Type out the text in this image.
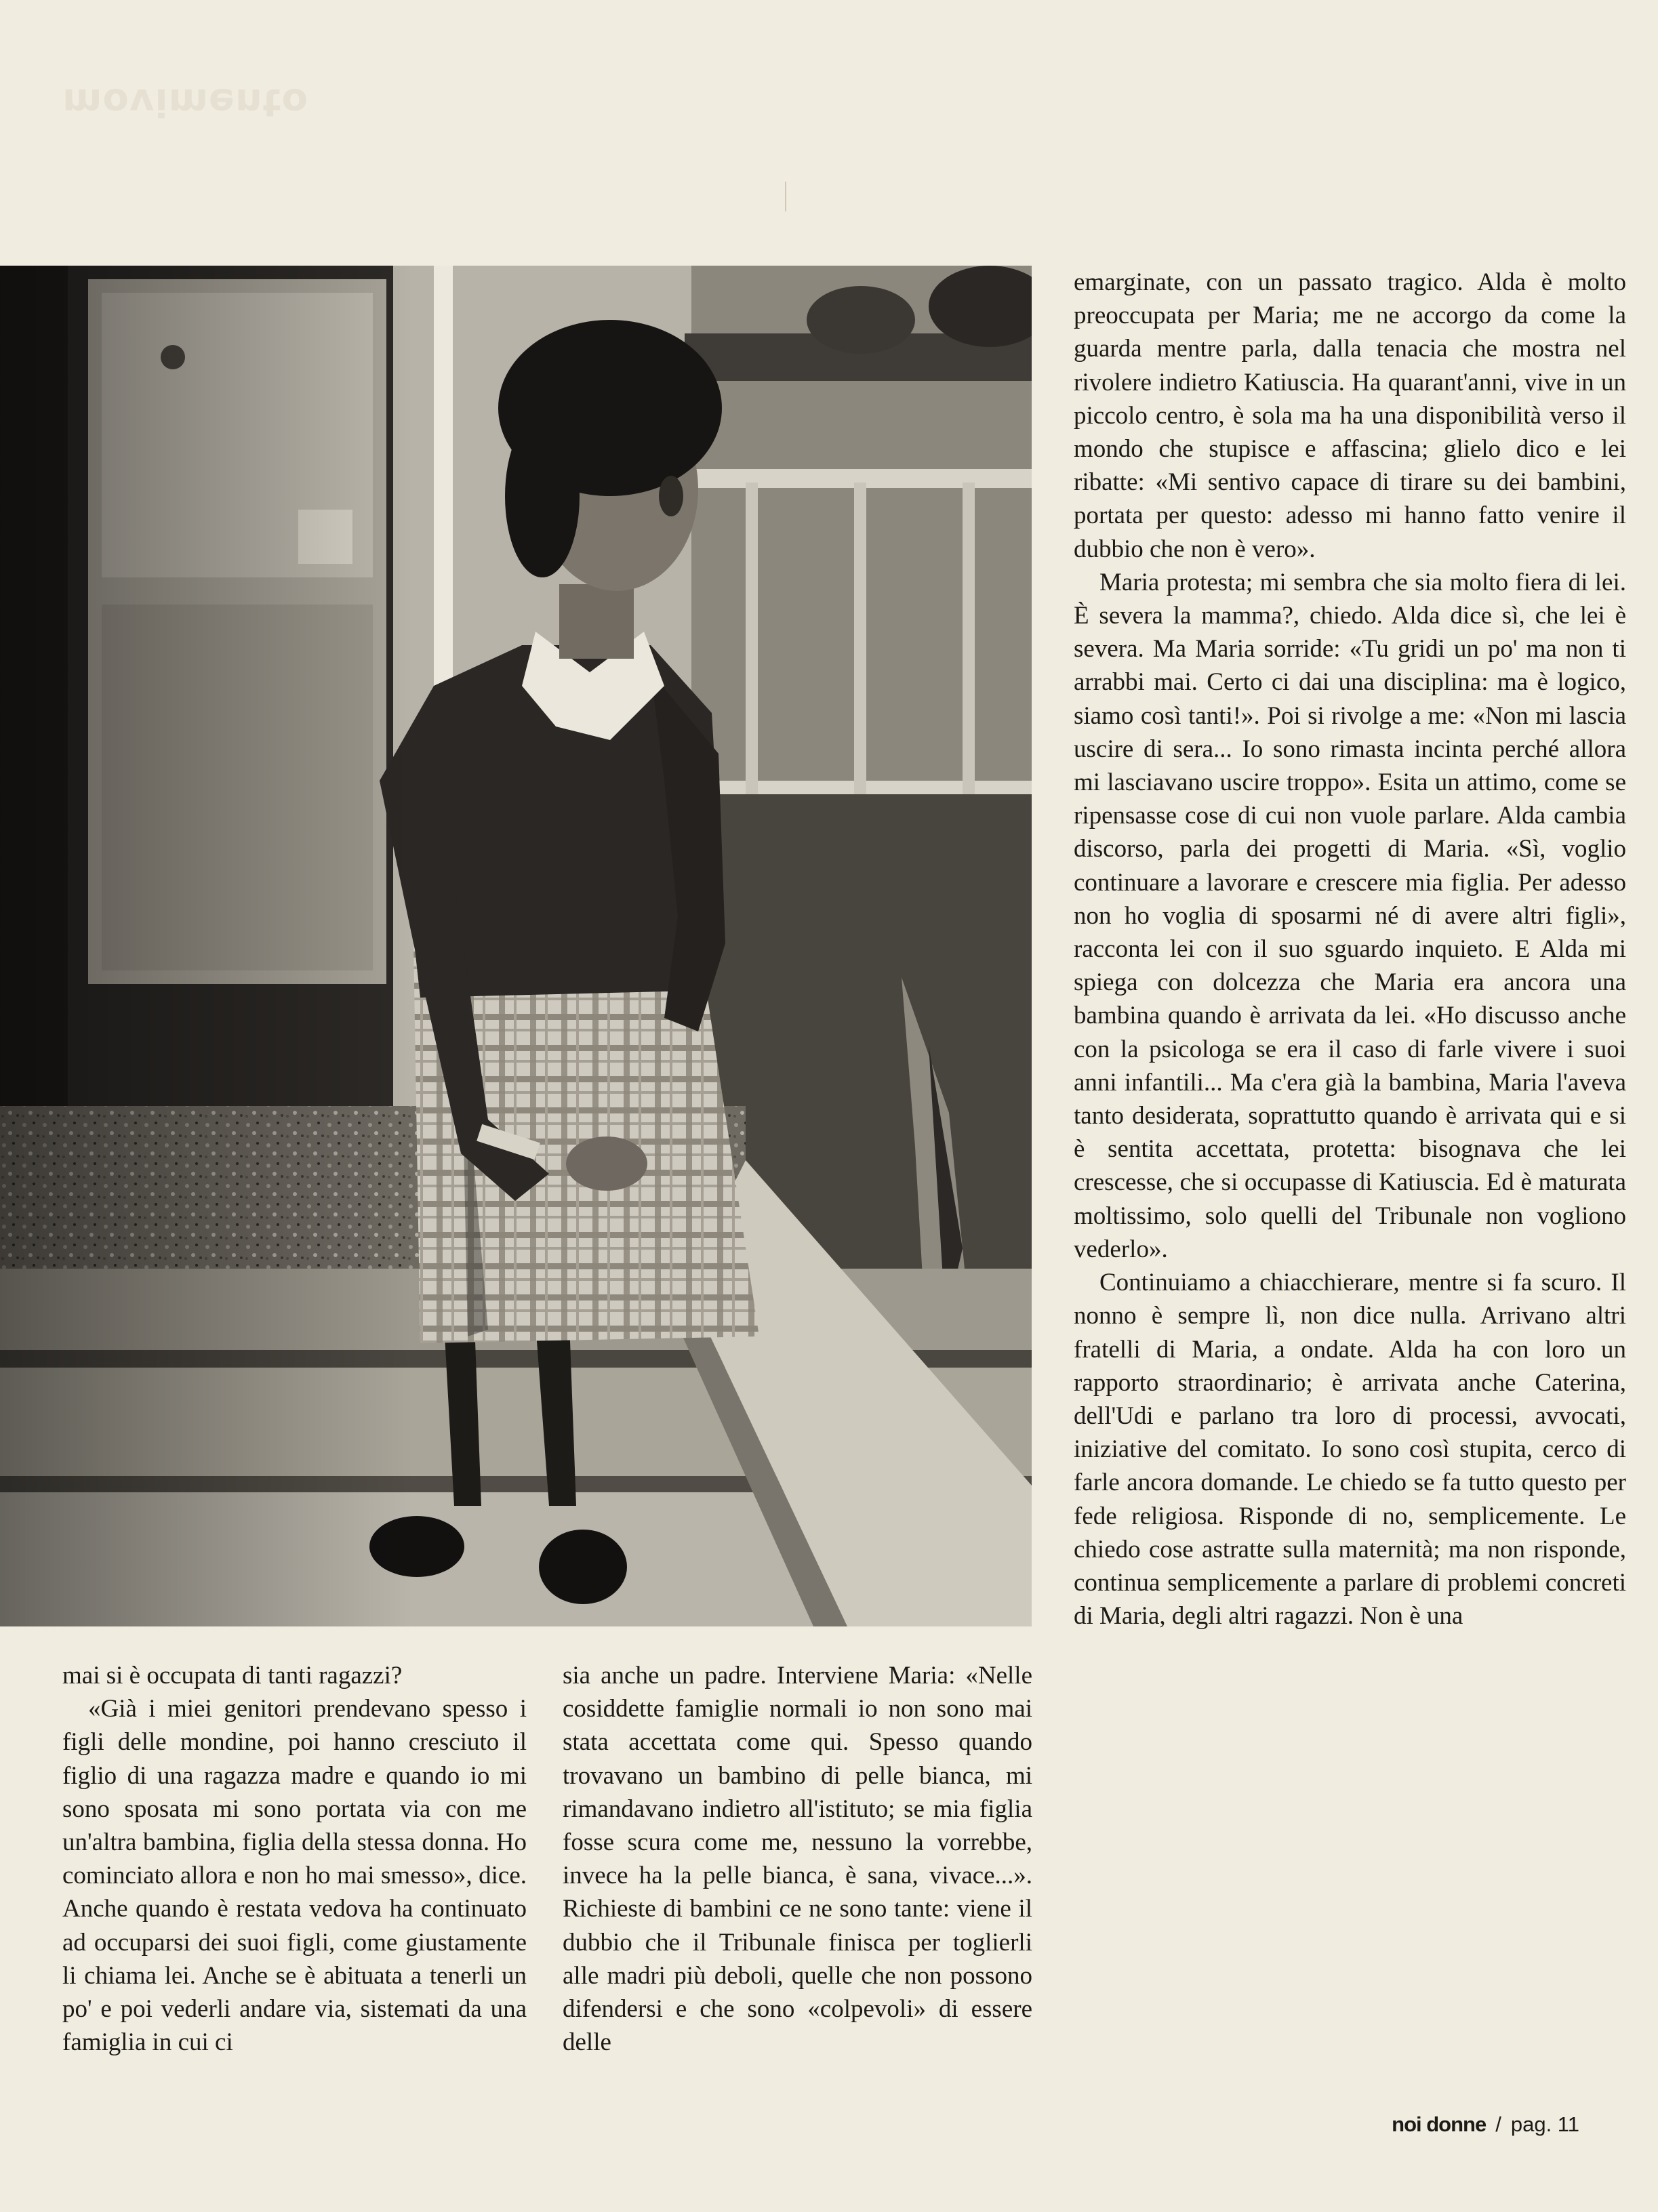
movimento

emarginate, con un passato tragico. Alda è molto preoccupata per Maria; me ne accorgo da come la guarda mentre parla, dalla tenacia che mostra nel rivolere indietro Katiuscia. Ha quarant'anni, vive in un piccolo centro, è sola ma ha una disponibilità verso il mondo che stupisce e affascina; glielo dico e lei ribatte: «Mi sentivo capace di tirare su dei bambini, portata per questo: adesso mi hanno fatto venire il dubbio che non è vero».

Maria protesta; mi sembra che sia molto fiera di lei. È severa la mamma?, chiedo. Alda dice sì, che lei è severa. Ma Maria sorride: «Tu gridi un po' ma non ti arrabbi mai. Certo ci dai una disciplina: ma è logico, siamo così tanti!». Poi si rivolge a me: «Non mi lascia uscire di sera... Io sono rimasta incinta perché allora mi lasciavano uscire troppo». Esita un attimo, come se ripensasse cose di cui non vuole parlare. Alda cambia discorso, parla dei progetti di Maria. «Sì, voglio continuare a lavorare e crescere mia figlia. Per adesso non ho voglia di sposarmi né di avere altri figli», racconta lei con il suo sguardo inquieto. E Alda mi spiega con dolcezza che Maria era ancora una bambina quando è arrivata da lei. «Ho discusso anche con la psicologa se era il caso di farle vivere i suoi anni infantili... Ma c'era già la bambina, Maria l'aveva tanto desiderata, soprattutto quando è arrivata qui e si è sentita accettata, protetta: bisognava che lei crescesse, che si occupasse di Katiuscia. Ed è maturata moltissimo, solo quelli del Tribunale non vogliono vederlo».

Continuiamo a chiacchierare, mentre si fa scuro. Il nonno è sempre lì, non dice nulla. Arrivano altri fratelli di Maria, a ondate. Alda ha con loro un rapporto straordinario; è arrivata anche Caterina, dell'Udi e parlano tra loro di processi, avvocati, iniziative del comitato. Io sono così stupita, cerco di farle ancora domande. Le chiedo se fa tutto questo per fede religiosa. Risponde di no, semplicemente. Le chiedo cose astratte sulla maternità; ma non risponde, continua semplicemente a parlare di problemi concreti di Maria, degli altri ragazzi. Non è una

mai si è occupata di tanti ragazzi?

«Già i miei genitori prendevano spesso i figli delle mondine, poi hanno cresciuto il figlio di una ragazza madre e quando io mi sono sposata mi sono portata via con me un'altra bambina, figlia della stessa donna. Ho cominciato allora e non ho mai smesso», dice. Anche quando è restata vedova ha continuato ad occuparsi dei suoi figli, come giustamente li chiama lei. Anche se è abituata a tenerli un po' e poi vederli andare via, sistemati da una famiglia in cui ci

sia anche un padre. Interviene Maria: «Nelle cosiddette famiglie normali io non sono mai stata accettata come qui. Spesso quando trovavano un bambino di pelle bianca, mi rimandavano indietro all'istituto; se mia figlia fosse scura come me, nessuno la vorrebbe, invece ha la pelle bianca, è sana, vivace...». Richieste di bambini ce ne sono tante: viene il dubbio che il Tribunale finisca per toglierli alle madri più deboli, quelle che non possono difendersi e che sono «colpevoli» di essere delle

noi donne / pag. 11
